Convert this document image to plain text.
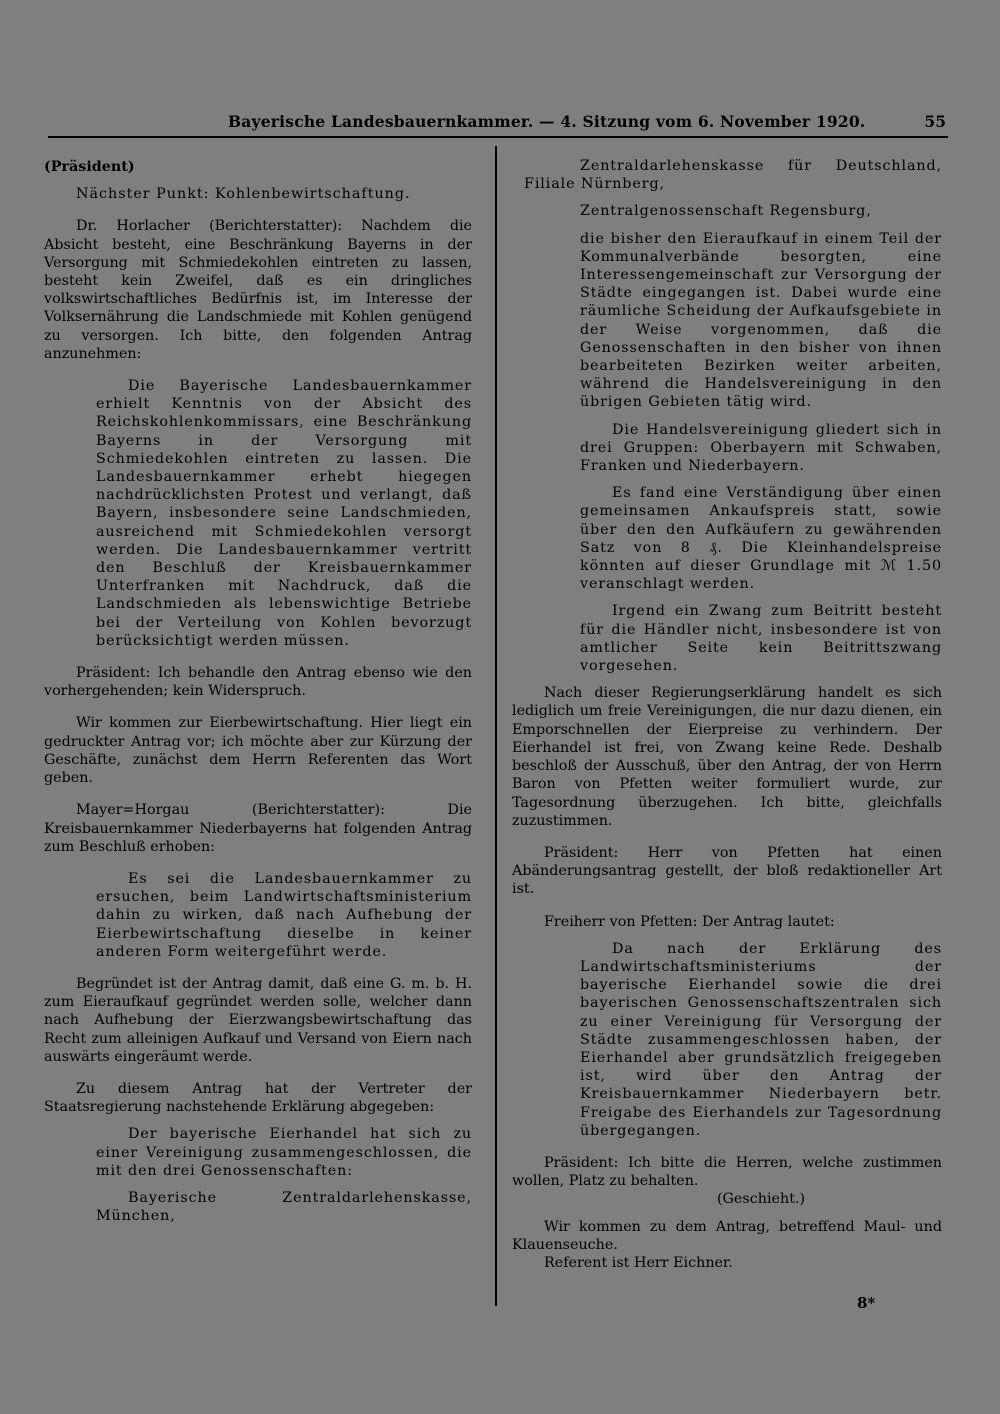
Bayerische Landesbauernkammer. — 4. Sitzung vom 6. November 1920.	55

(Präsident)

Nächster Punkt: Kohlenbewirtschaftung.

Dr. Horlacher (Berichterstatter): Nachdem die Absicht besteht, eine Beschränkung Bayerns in der Versorgung mit Schmiedekohlen eintreten zu lassen, besteht kein Zweifel, daß es ein dringliches volkswirtschaftliches Bedürfnis ist, im Interesse der Volksernährung die Landschmiede mit Kohlen genügend zu versorgen. Ich bitte, den folgenden Antrag anzunehmen:

Die Bayerische Landesbauernkammer erhielt Kenntnis von der Absicht des Reichskohlenkommissars, eine Beschränkung Bayerns in der Versorgung mit Schmiedekohlen eintreten zu lassen. Die Landesbauernkammer erhebt hiegegen nachdrücklichsten Protest und verlangt, daß Bayern, insbesondere seine Landschmieden, ausreichend mit Schmiedekohlen versorgt werden. Die Landesbauernkammer vertritt den Beschluß der Kreisbauernkammer Unterfranken mit Nachdruck, daß die Landschmieden als lebenswichtige Betriebe bei der Verteilung von Kohlen bevorzugt berücksichtigt werden müssen.

Präsident: Ich behandle den Antrag ebenso wie den vorhergehenden; kein Widerspruch.

Wir kommen zur Eierbewirtschaftung. Hier liegt ein gedruckter Antrag vor; ich möchte aber zur Kürzung der Geschäfte, zunächst dem Herrn Referenten das Wort geben.

Mayer=Horgau (Berichterstatter): Die Kreisbauernkammer Niederbayerns hat folgenden Antrag zum Beschluß erhoben:

Es sei die Landesbauernkammer zu ersuchen, beim Landwirtschaftsministerium dahin zu wirken, daß nach Aufhebung der Eierbewirtschaftung dieselbe in keiner anderen Form weitergeführt werde.

Begründet ist der Antrag damit, daß eine G. m. b. H. zum Eieraufkauf gegründet werden solle, welcher dann nach Aufhebung der Eierzwangsbewirtschaftung das Recht zum alleinigen Aufkauf und Versand von Eiern nach auswärts eingeräumt werde.

Zu diesem Antrag hat der Vertreter der Staatsregierung nachstehende Erklärung abgegeben:

Der bayerische Eierhandel hat sich zu einer Vereinigung zusammengeschlossen, die mit den drei Genossenschaften:

Bayerische Zentraldarlehenskasse, München,

Zentraldarlehenskasse für Deutschland, Filiale Nürnberg,

Zentralgenossenschaft Regensburg,

die bisher den Eieraufkauf in einem Teil der Kommunalverbände besorgten, eine Interessengemeinschaft zur Versorgung der Städte eingegangen ist. Dabei wurde eine räumliche Scheidung der Aufkaufsgebiete in der Weise vorgenommen, daß die Genossenschaften in den bisher von ihnen bearbeiteten Bezirken weiter arbeiten, während die Handelsvereinigung in den übrigen Gebieten tätig wird.

Die Handelsvereinigung gliedert sich in drei Gruppen: Oberbayern mit Schwaben, Franken und Niederbayern.

Es fand eine Verständigung über einen gemeinsamen Ankaufspreis statt, sowie über den den Aufkäufern zu gewährenden Satz von 8 ₰. Die Kleinhandelspreise könnten auf dieser Grundlage mit ℳ 1.50 veranschlagt werden.

Irgend ein Zwang zum Beitritt besteht für die Händler nicht, insbesondere ist von amtlicher Seite kein Beitrittszwang vorgesehen.

Nach dieser Regierungserklärung handelt es sich lediglich um freie Vereinigungen, die nur dazu dienen, ein Emporschnellen der Eierpreise zu verhindern. Der Eierhandel ist frei, von Zwang keine Rede. Deshalb beschloß der Ausschuß, über den Antrag, der von Herrn Baron von Pfetten weiter formuliert wurde, zur Tagesordnung überzugehen. Ich bitte, gleichfalls zuzustimmen.

Präsident: Herr von Pfetten hat einen Abänderungsantrag gestellt, der bloß redaktioneller Art ist.

Freiherr von Pfetten: Der Antrag lautet:

Da nach der Erklärung des Landwirtschaftsministeriums der bayerische Eierhandel sowie die drei bayerischen Genossenschaftszentralen sich zu einer Vereinigung für Versorgung der Städte zusammengeschlossen haben, der Eierhandel aber grundsätzlich freigegeben ist, wird über den Antrag der Kreisbauernkammer Niederbayern betr. Freigabe des Eierhandels zur Tagesordnung übergegangen.

Präsident: Ich bitte die Herren, welche zustimmen wollen, Platz zu behalten.

(Geschieht.)

Wir kommen zu dem Antrag, betreffend Maul- und Klauenseuche.

Referent ist Herr Eichner.

8*
